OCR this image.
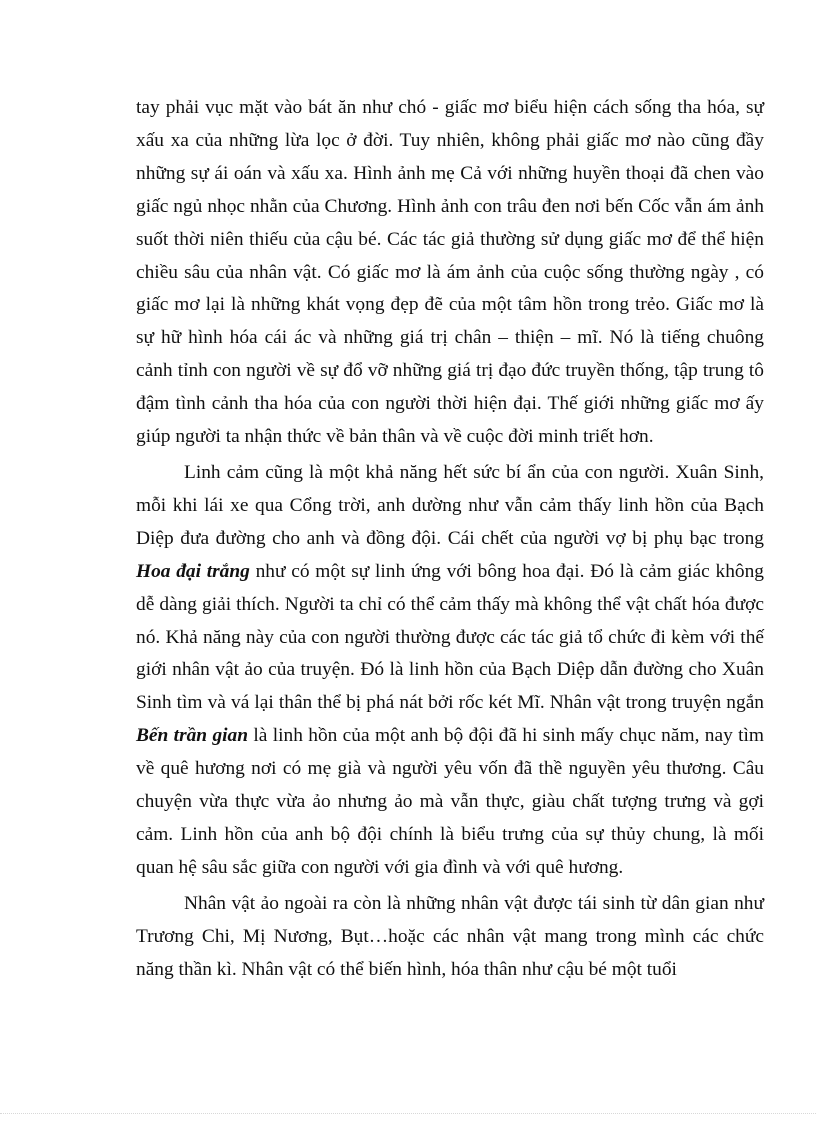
tay phải vục mặt vào bát ăn như chó - giấc mơ biểu hiện cách sống tha hóa, sự xấu xa của những lừa lọc ở đời. Tuy nhiên, không phải giấc mơ nào cũng đầy những sự ái oán và xấu xa. Hình ảnh mẹ Cả với những huyền thoại đã chen vào giấc ngủ nhọc nhằn của Chương. Hình ảnh con trâu đen nơi bến Cốc vẫn ám ảnh suốt thời niên thiếu của cậu bé. Các tác giả thường sử dụng giấc mơ để thể hiện chiều sâu của nhân vật. Có giấc mơ là ám ảnh của cuộc sống thường ngày , có giấc mơ lại là những khát vọng đẹp đẽ của một tâm hồn trong trẻo. Giấc mơ là sự hữ hình hóa cái ác và những giá trị chân – thiện – mĩ. Nó là tiếng chuông cảnh tỉnh con người về sự đổ vỡ những giá trị đạo đức truyền thống, tập trung tô đậm tình cảnh tha hóa của con người thời hiện đại. Thế giới những giấc mơ ấy giúp người ta nhận thức về bản thân và về cuộc đời minh triết hơn.

Linh cảm cũng là một khả năng hết sức bí ẩn của con người. Xuân Sinh, mỗi khi lái xe qua Cổng trời, anh dường như vẫn cảm thấy linh hồn của Bạch Diệp đưa đường cho anh và đồng đội. Cái chết của người vợ bị phụ bạc trong Hoa đại trắng như có một sự linh ứng với bông hoa đại. Đó là cảm giác không dễ dàng giải thích. Người ta chỉ có thể cảm thấy mà không thể vật chất hóa được nó. Khả năng này của con người thường được các tác giả tổ chức đi kèm với thế giới nhân vật ảo của truyện. Đó là linh hồn của Bạch Diệp dẫn đường cho Xuân Sinh tìm và vá lại thân thể bị phá nát bởi rốc két Mĩ. Nhân vật trong truyện ngắn Bến trần gian là linh hồn của một anh bộ đội đã hi sinh mấy chục năm, nay tìm về quê hương nơi có mẹ già và người yêu vốn đã thề nguyền yêu thương. Câu chuyện vừa thực vừa ảo nhưng ảo mà vẫn thực, giàu chất tượng trưng và gợi cảm. Linh hồn của anh bộ đội chính là biểu trưng của sự thủy chung, là mối quan hệ sâu sắc giữa con người với gia đình và với quê hương.

Nhân vật ảo ngoài ra còn là những nhân vật được tái sinh từ dân gian như Trương Chi, Mị Nương, Bụt…hoặc các nhân vật mang trong mình các chức năng thần kì. Nhân vật có thể biến hình, hóa thân như cậu bé một tuổi
